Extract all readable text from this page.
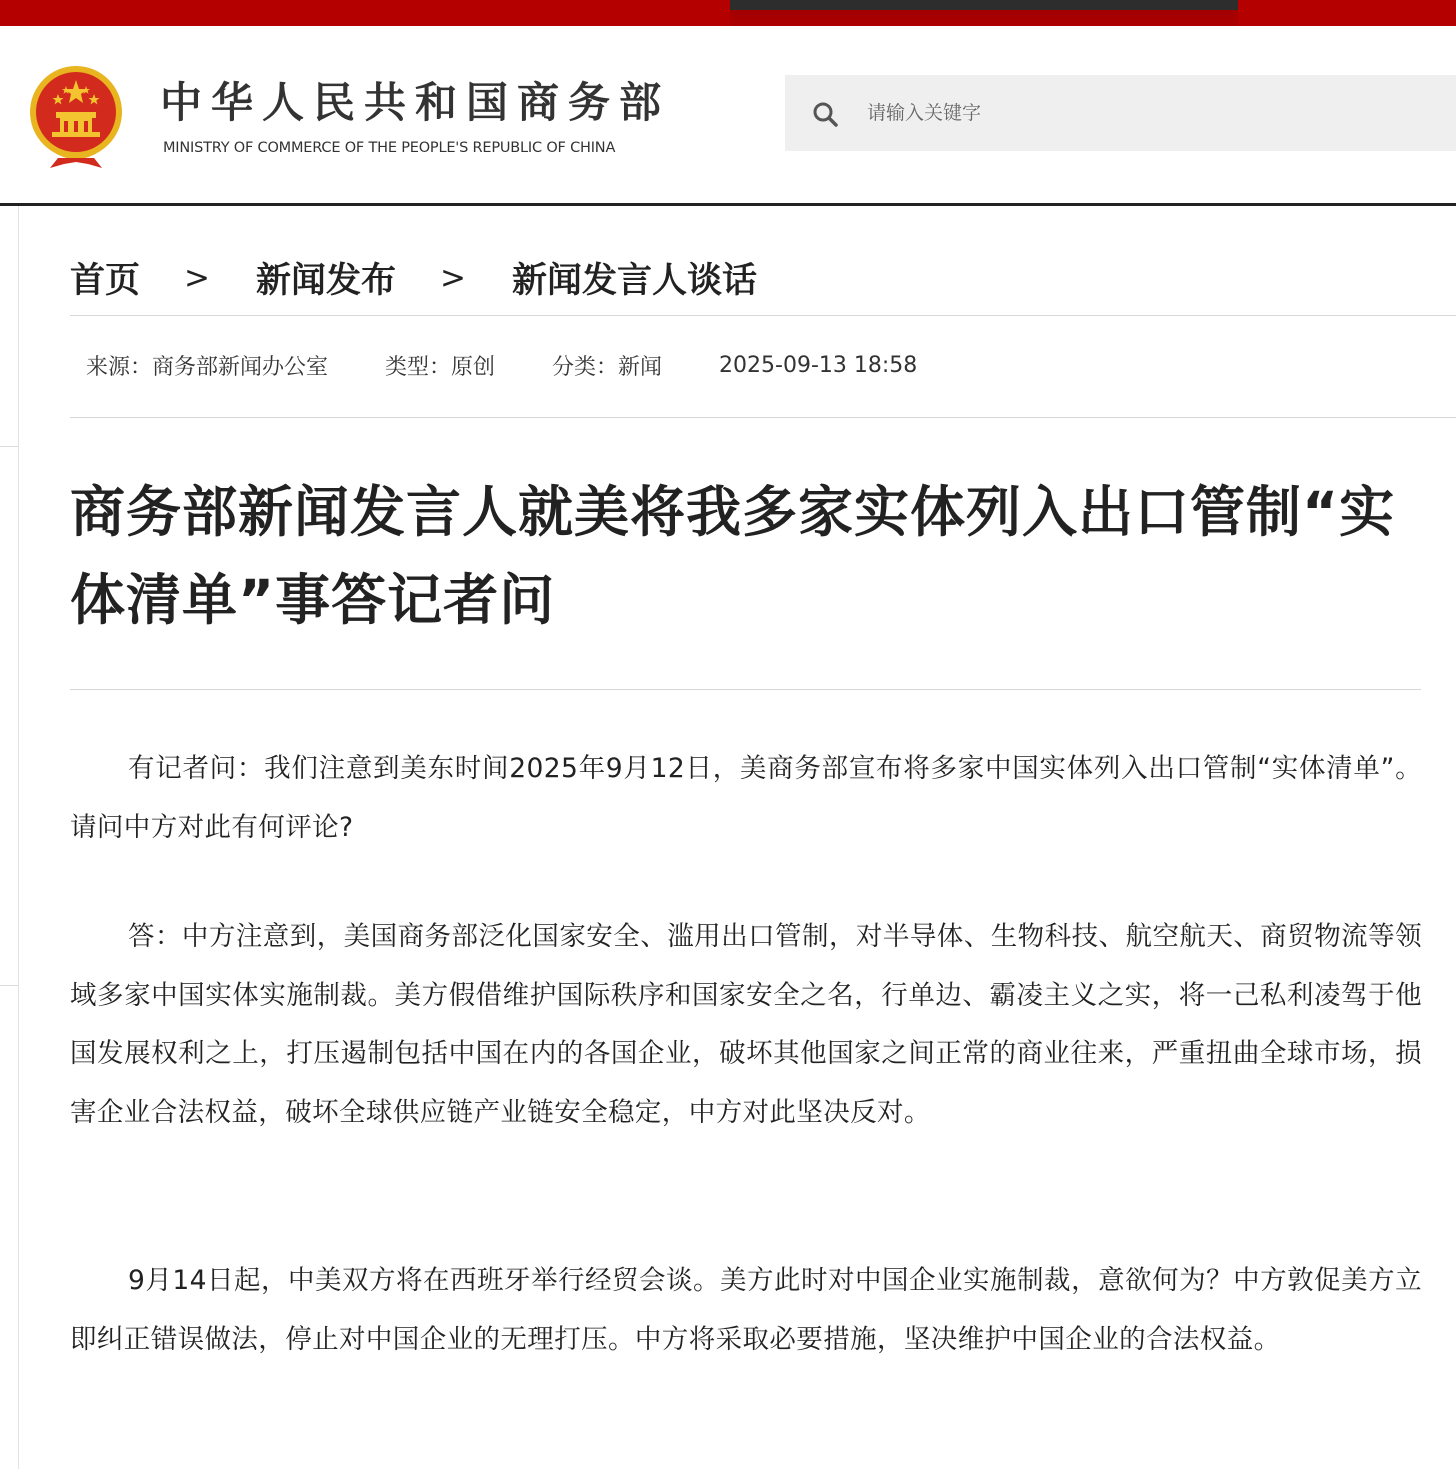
中华人民共和国商务部
MINISTRY OF COMMERCE OF THE PEOPLE'S REPUBLIC OF CHINA
请输入关键字
首页 > 新闻发布 > 新闻发言人谈话
来源：商务部新闻办公室	类型：原创	分类：新闻	2025-09-13 18:58
商务部新闻发言人就美将我多家实体列入出口管制“实体清单”事答记者问

有记者问：我们注意到美东时间2025年9月12日，美商务部宣布将多家中国实体列入出口管制“实体清单”。请问中方对此有何评论?

答：中方注意到，美国商务部泛化国家安全、滥用出口管制，对半导体、生物科技、航空航天、商贸物流等领域多家中国实体实施制裁。美方假借维护国际秩序和国家安全之名，行单边、霸凌主义之实，将一己私利凌驾于他国发展权利之上，打压遏制包括中国在内的各国企业，破坏其他国家之间正常的商业往来，严重扭曲全球市场，损害企业合法权益，破坏全球供应链产业链安全稳定，中方对此坚决反对。

9月14日起，中美双方将在西班牙举行经贸会谈。美方此时对中国企业实施制裁，意欲何为？中方敦促美方立即纠正错误做法，停止对中国企业的无理打压。中方将采取必要措施，坚决维护中国企业的合法权益。
